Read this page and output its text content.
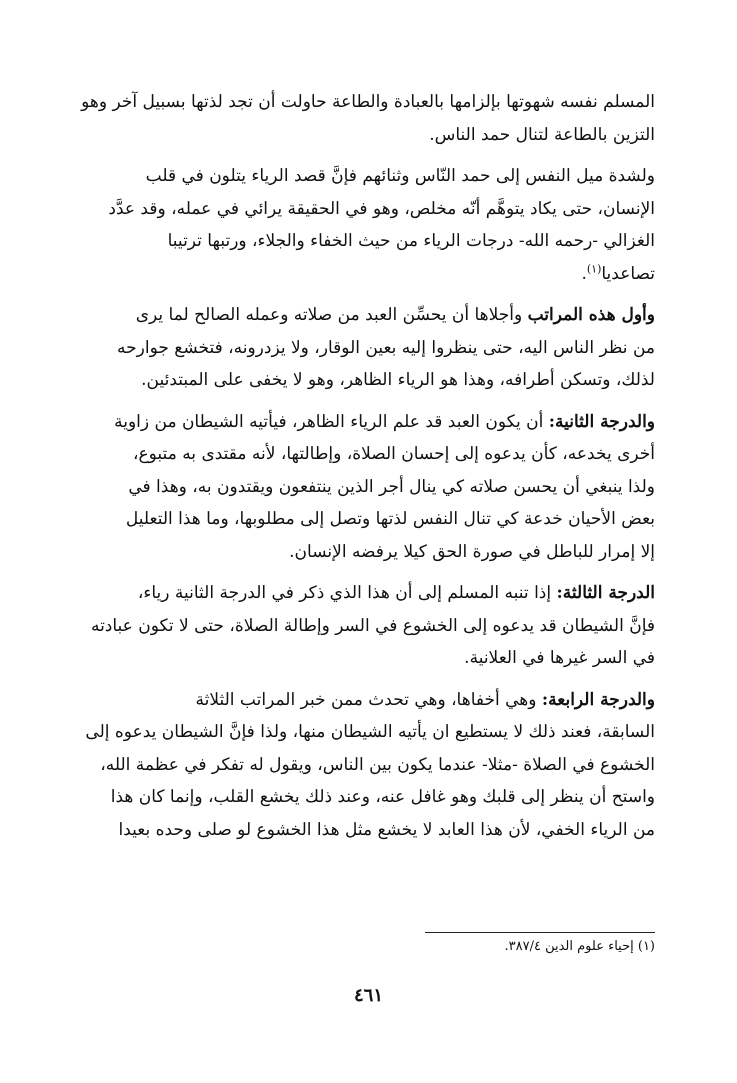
المسلم نفسه شهوتها بإلزامها بالعبادة والطاعة حاولت أن تجد لذتها بسبيل آخر وهو
التزين بالطاعة لتنال حمد الناس.
ولشدة ميل النفس إلى حمد النّاس وثنائهم فإنَّ قصد الرياء يتلون في قلب
الإنسان، حتى يكاد يتوهَّم أنّه مخلص، وهو في الحقيقة يرائي في عمله، وقد عدَّد
الغزالي -رحمه الله- درجات الرياء من حيث الخفاء والجلاء، ورتبها ترتيبا
تصاعديا$^{(١)}$.
وأول هذه المراتب وأجلاها أن يحسِّن العبد من صلاته وعمله الصالح لما يرى
من نظر الناس اليه، حتى ينظروا إليه بعين الوقار، ولا يزدرونه، فتخشع جوارحه
لذلك، وتسكن أطرافه، وهذا هو الرياء الظاهر، وهو لا يخفى على المبتدئين.
والدرجة الثانية: أن يكون العبد قد علم الرياء الظاهر، فيأتيه الشيطان من زاوية
أخرى يخدعه، كأن يدعوه إلى إحسان الصلاة، وإطالتها، لأنه مقتدى به متبوع،
ولذا ينبغي أن يحسن صلاته كي ينال أجر الذين ينتفعون ويقتدون به، وهذا في
بعض الأحيان خدعة كي تنال النفس لذتها وتصل إلى مطلوبها، وما هذا التعليل
إلا إمرار للباطل في صورة الحق كيلا يرفضه الإنسان.
الدرجة الثالثة: إذا تنبه المسلم إلى أن هذا الذي ذكر في الدرجة الثانية رياء،
فإنَّ الشيطان قد يدعوه إلى الخشوع في السر وإطالة الصلاة، حتى لا تكون عبادته
في السر غيرها في العلانية.
والدرجة الرابعة: وهي أخفاها، وهي تحدث ممن خبر المراتب الثلاثة
السابقة، فعند ذلك لا يستطيع ان يأتيه الشيطان منها، ولذا فإنَّ الشيطان يدعوه إلى
الخشوع في الصلاة -مثلا- عندما يكون بين الناس، ويقول له تفكر في عظمة الله،
واستح أن ينظر إلى قلبك وهو غافل عنه، وعند ذلك يخشع القلب، وإنما كان هذا
من الرياء الخفي، لأن هذا العابد لا يخشع مثل هذا الخشوع لو صلى وحده بعيدا
(١) إحياء علوم الدين ٣٨٧/٤.
٤٦١
